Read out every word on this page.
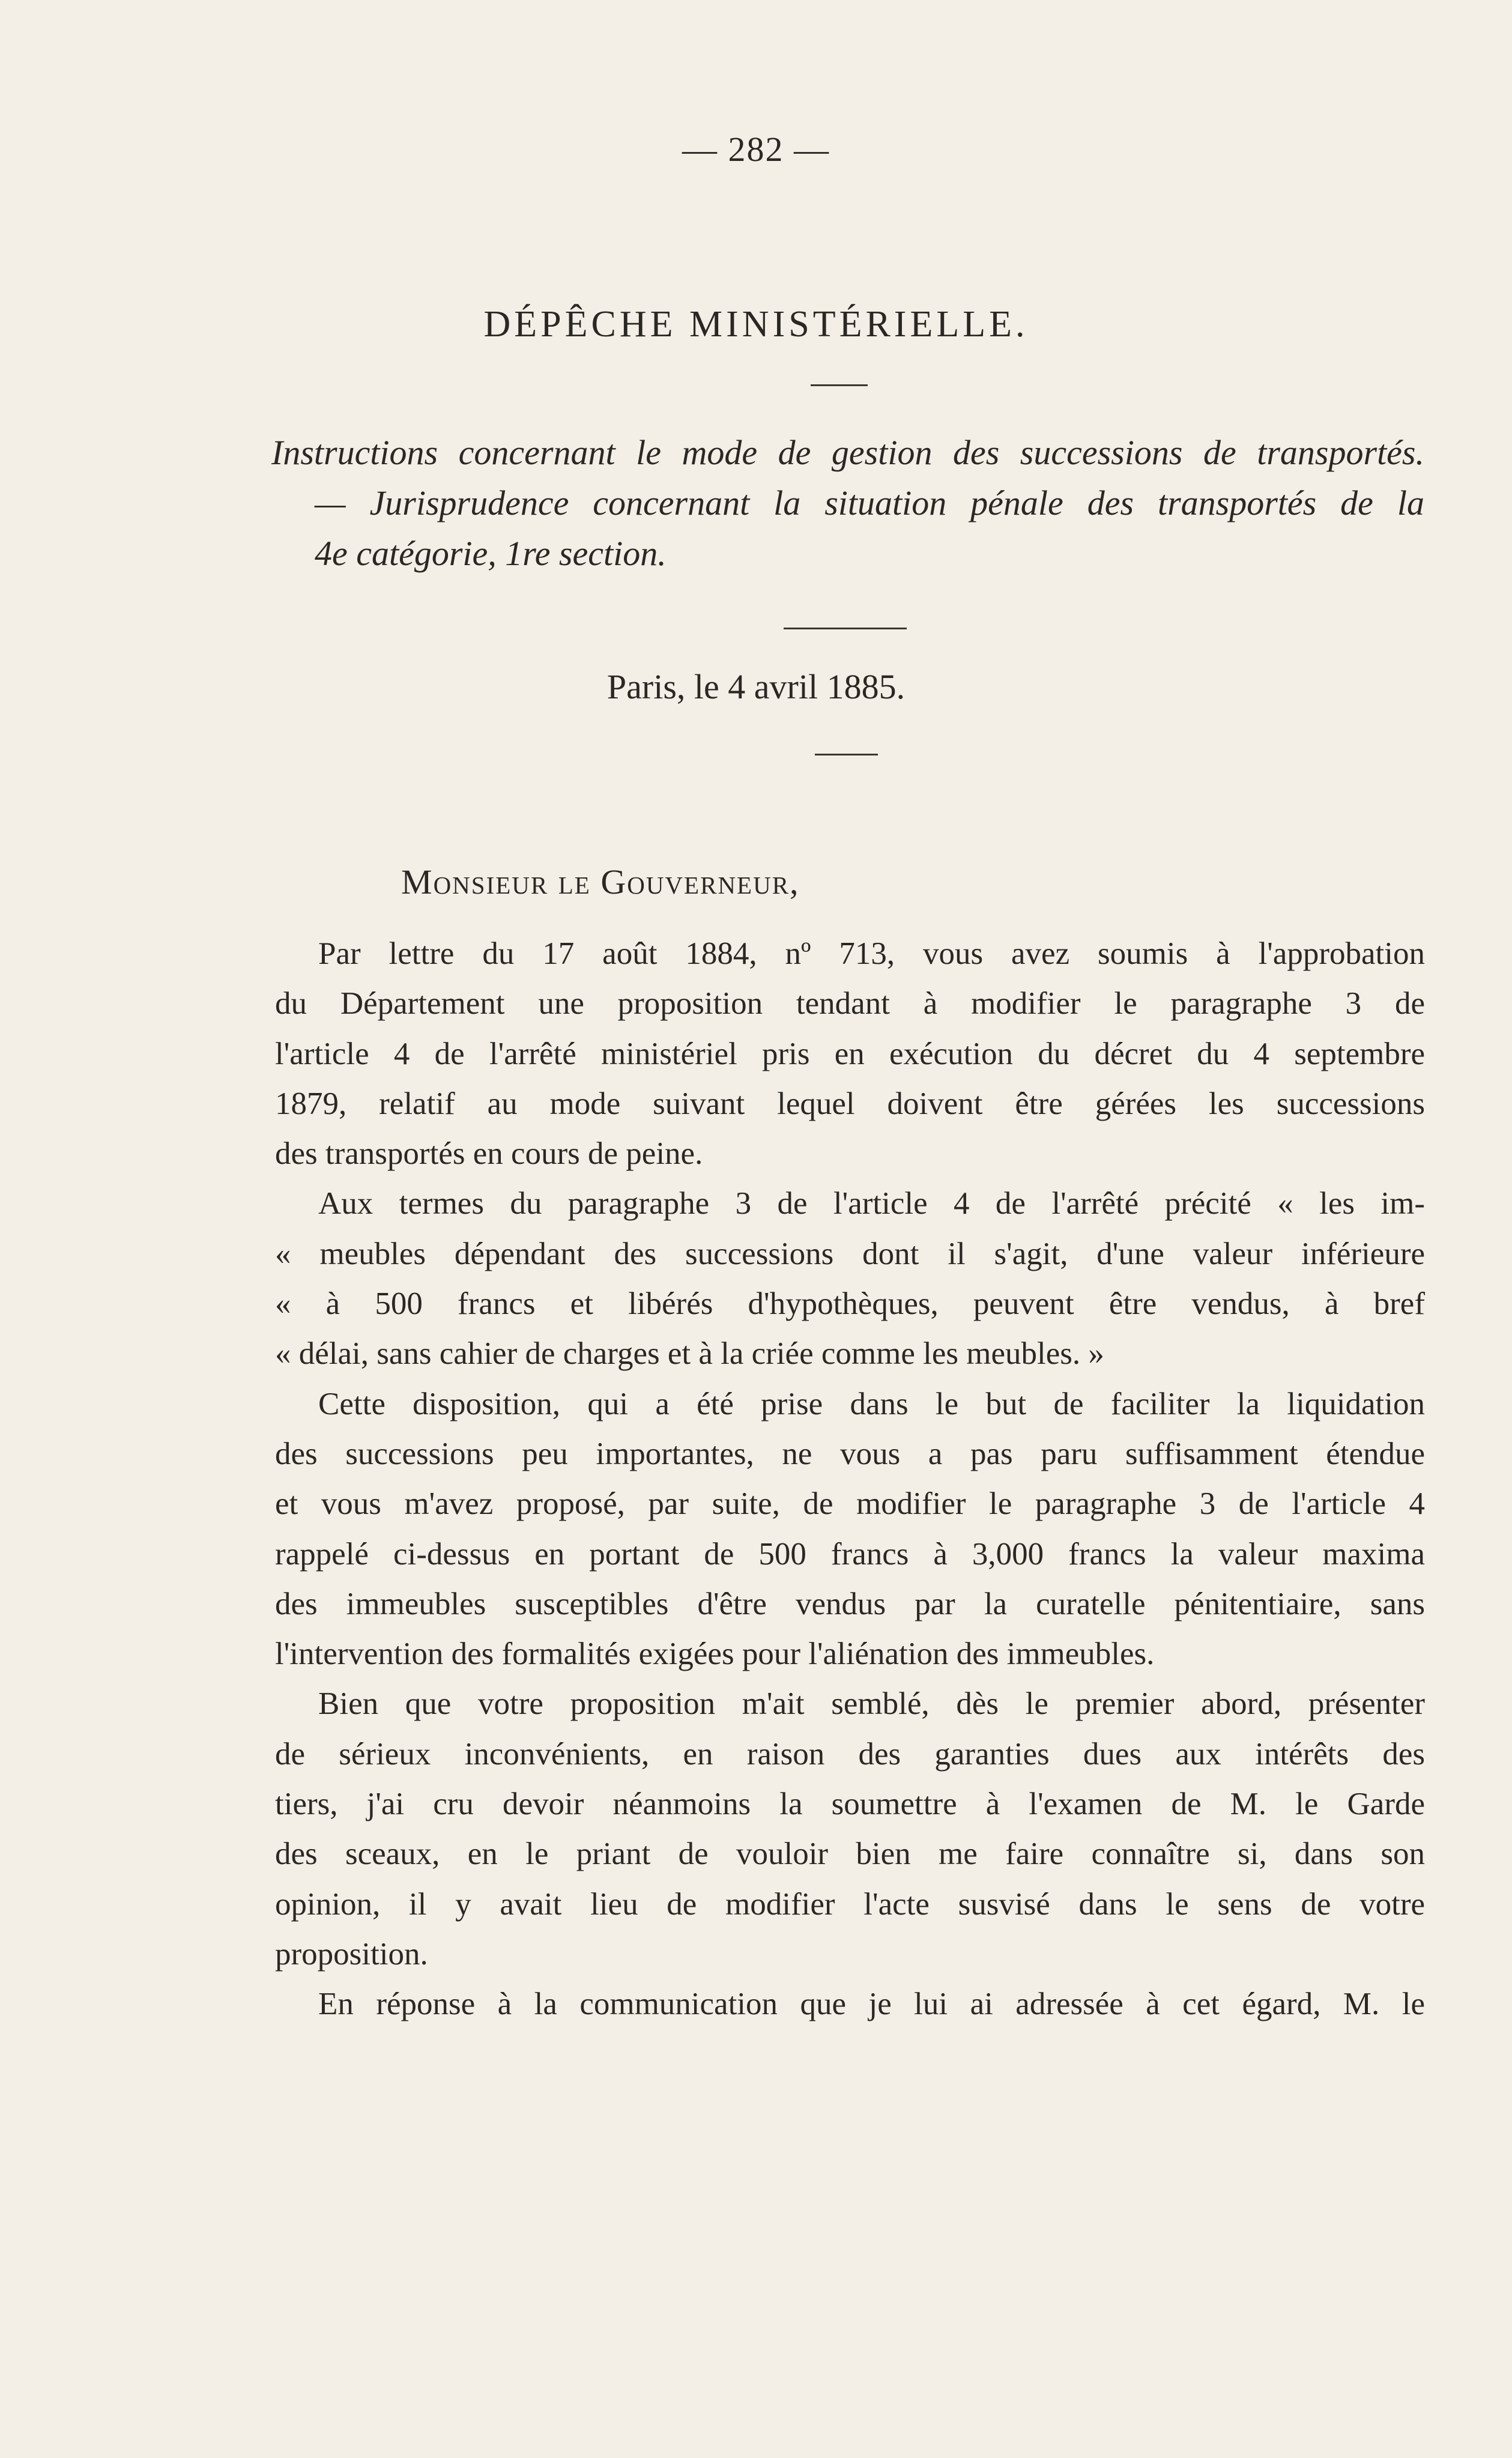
— 282 —
DÉPÊCHE MINISTÉRIELLE.
Instructions concernant le mode de gestion des successions de transportés.
— Jurisprudence concernant la situation pénale des transportés de la
4e catégorie, 1re section.
Paris, le 4 avril 1885.
Monsieur le Gouverneur,
Par lettre du 17 août 1884, nº 713, vous avez soumis à l'approbation
du Département une proposition tendant à modifier le paragraphe 3 de
l'article 4 de l'arrêté ministériel pris en exécution du décret du 4 septembre
1879, relatif au mode suivant lequel doivent être gérées les successions
des transportés en cours de peine.
Aux termes du paragraphe 3 de l'article 4 de l'arrêté précité « les im-
« meubles dépendant des successions dont il s'agit, d'une valeur inférieure
« à 500 francs et libérés d'hypothèques, peuvent être vendus, à bref
« délai, sans cahier de charges et à la criée comme les meubles. »
Cette disposition, qui a été prise dans le but de faciliter la liquidation
des successions peu importantes, ne vous a pas paru suffisamment étendue
et vous m'avez proposé, par suite, de modifier le paragraphe 3 de l'article 4
rappelé ci-dessus en portant de 500 francs à 3,000 francs la valeur maxima
des immeubles susceptibles d'être vendus par la curatelle pénitentiaire, sans
l'intervention des formalités exigées pour l'aliénation des immeubles.
Bien que votre proposition m'ait semblé, dès le premier abord, présenter
de sérieux inconvénients, en raison des garanties dues aux intérêts des
tiers, j'ai cru devoir néanmoins la soumettre à l'examen de M. le Garde
des sceaux, en le priant de vouloir bien me faire connaître si, dans son
opinion, il y avait lieu de modifier l'acte susvisé dans le sens de votre
proposition.
En réponse à la communication que je lui ai adressée à cet égard, M. le
